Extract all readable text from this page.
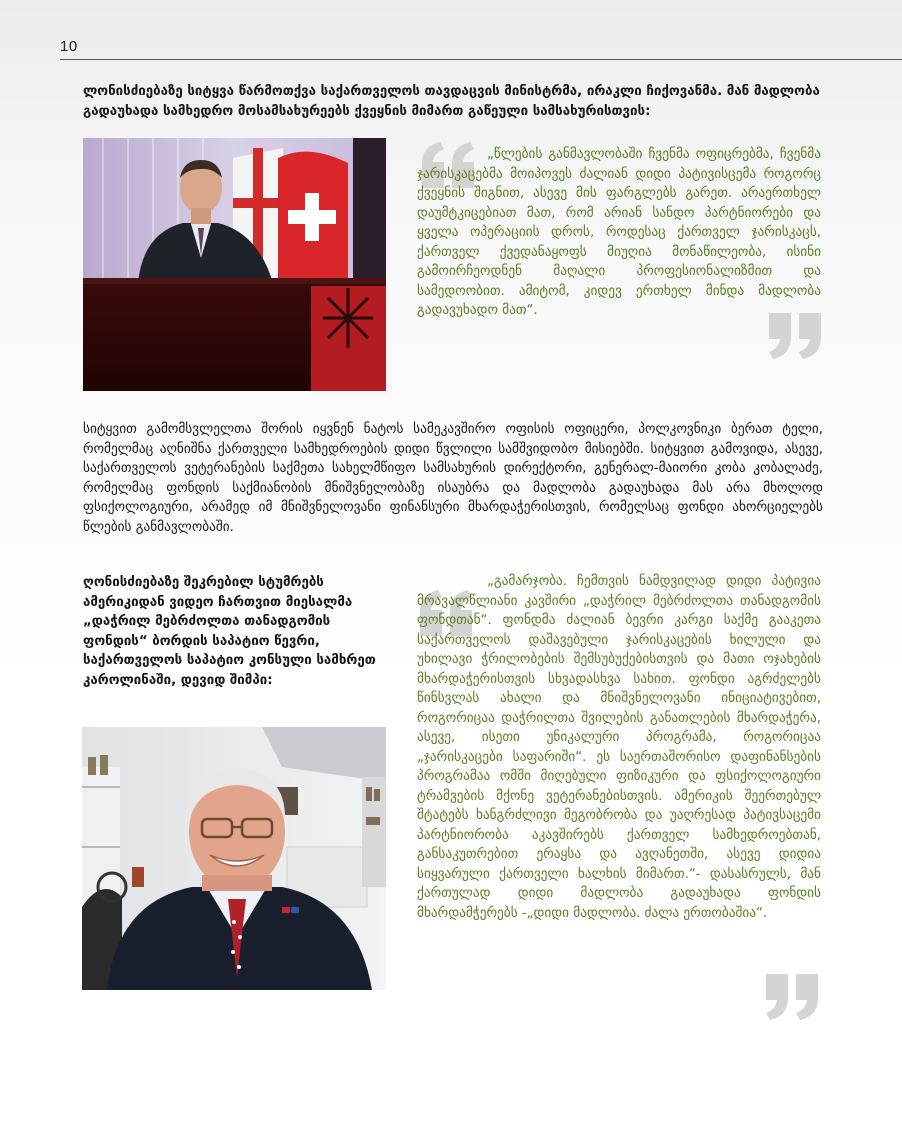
10

ლონისძიებაზე სიტყვა წარმოთქვა საქართველოს თავდაცვის მინისტრმა, ირაკლი ჩიქოვანმა. მან მადლობა გადაუხადა სამხედრო მოსამსახურეებს ქვეყნის მიმართ გაწეული სამსახურისთვის:

„წლების განმავლობაში ჩვენმა ოფიცრებმა, ჩვენმა ჯარისკაცებმა მოიპოვეს ძალიან დიდი პატივისცემა როგორც ქვეყნის შიგნით, ასევე მის ფარგლებს გარეთ. არაერთხელ დაუმტკიცებიათ მათ, რომ არიან სანდო პარტნიორები და ყველა ოპერაციის დროს, როდესაც ქართველ ჯარისკაცს, ქართველ ქვედანაყოფს მიუღია მონაწილეობა, ისინი გამოირჩეოდნენ მაღალი პროფესიონალიზმით და სამედოობით. ამიტომ, კიდევ ერთხელ მინდა მადლობა გადავუხადო მათ“.

სიტყვით გამომსვლელთა შორის იყვნენ ნატოს სამეკავშირო ოფისის ოფიცერი, პოლკოვნიკი ბერათ ტელი, რომელმაც აღნიშნა ქართველი სამხედროების დიდი წვლილი სამშვიდობო მისიებში. სიტყვით გამოვიდა, ასევე, საქართველოს ვეტერანების საქმეთა სახელმწიფო სამსახურის დირექტორი, გენერალ-მაიორი კობა კობალაძე, რომელმაც ფონდის საქმიანობის მნიშვნელობაზე ისაუბრა და მადლობა გადაუხადა მას არა მხოლოდ ფსიქოლოგიური, არამედ იმ მნიშვნელოვანი ფინანსური მხარდაჭერისთვის, რომელსაც ფონდი ახორციელებს წლების განმავლობაში.

ღონისძიებაზე შეკრებილ სტუმრებს ამერიკიდან ვიდეო ჩართვით მიესალმა „დაჭრილ მებრძოლთა თანადგომის ფონდის“ ბორდის საპატიო წევრი, საქართველოს საპატიო კონსული სამხრეთ კაროლინაში, დევიდ შიმპი:

„გამარჯობა. ჩემთვის ნამდვილად დიდი პატივია მრავალწლიანი კავშირი „დაჭრილ მებრძოლთა თანადგომის ფონდთან“. ფონდმა ძალიან ბევრი კარგი საქმე გააკეთა საქართველოს დაშავებული ჯარისკაცების ხილული და უხილავი ჭრილობების შემსუბუქებისთვის და მათი ოჯახების მხარდაჭერისთვის სხვადასხვა სახით. ფონდი აგრძელებს წინსვლას ახალი და მნიშვნელოვანი ინიციატივებით, როგორიცაა დაჭრილთა შვილების განათლების მხარდაჭერა, ასევე, ისეთი უნიკალური პროგრამა, როგორიცაა „ჯარისკაცები საფარიში“. ეს საერთაშორისო დაფინანსების პროგრამაა ომში მიღებული ფიზიკური და ფსიქოლოგიური ტრამვების მქონე ვეტერანებისთვის. ამერიკის შეერთებულ შტატებს ხანგრძლივი მეგობრობა და უაღრესად პატივსაცემი პარტნიორობა აკავშირებს ქართველ სამხედროებთან, განსაკუთრებით ერაყსა და ავღანეთში, ასევე დიდია სიყვარული ქართველი ხალხის მიმართ.“- დასასრულს, მან ქართულად დიდი მადლობა გადაუხადა ფონდის მხარდამჭერებს -„დიდი მადლობა. ძალა ერთობაშია“.
